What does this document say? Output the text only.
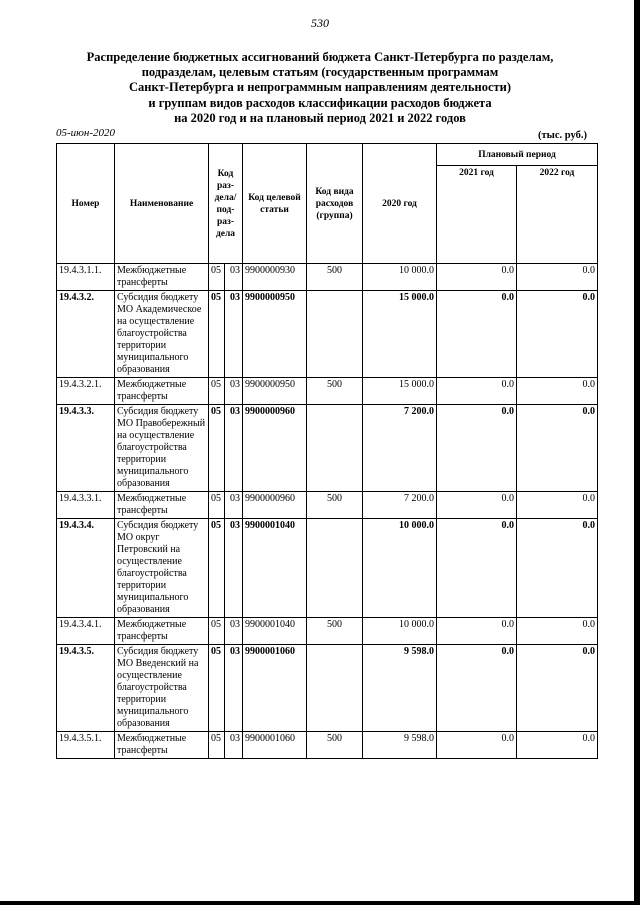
530
Распределение бюджетных ассигнований бюджета Санкт-Петербурга по разделам,
подразделам, целевым статьям (государственным программам
Санкт-Петербурга и непрограммным направлениям деятельности)
и группам видов расходов классификации расходов бюджета
на 2020 год и на плановый период 2021 и 2022 годов
05-июн-2020	(тыс. руб.)
Номер	Наименование	Код раз- дела/ под- раз- дела		Код целевой статьи	Код вида расходов (группа)	2020 год	Плановый период	
							2021 год	2022 год
19.4.3.1.1.	Межбюджетные трансферты	05	03	9900000930	500	10 000.0	0.0	0.0
19.4.3.2.	Субсидия бюджету МО Академическое на осуществление благоустройства территории муниципального образования	05	03	9900000950		15 000.0	0.0	0.0
19.4.3.2.1.	Межбюджетные трансферты	05	03	9900000950	500	15 000.0	0.0	0.0
19.4.3.3.	Субсидия бюджету МО Правобережный на осуществление благоустройства территории муниципального образования	05	03	9900000960		7 200.0	0.0	0.0
19.4.3.3.1.	Межбюджетные трансферты	05	03	9900000960	500	7 200.0	0.0	0.0
19.4.3.4.	Субсидия бюджету МО округ Петровский на осуществление благоустройства территории муниципального образования	05	03	9900001040		10 000.0	0.0	0.0
19.4.3.4.1.	Межбюджетные трансферты	05	03	9900001040	500	10 000.0	0.0	0.0
19.4.3.5.	Субсидия бюджету МО Введенский на осуществление благоустройства территории муниципального образования	05	03	9900001060		9 598.0	0.0	0.0
19.4.3.5.1.	Межбюджетные трансферты	05	03	9900001060	500	9 598.0	0.0	0.0
